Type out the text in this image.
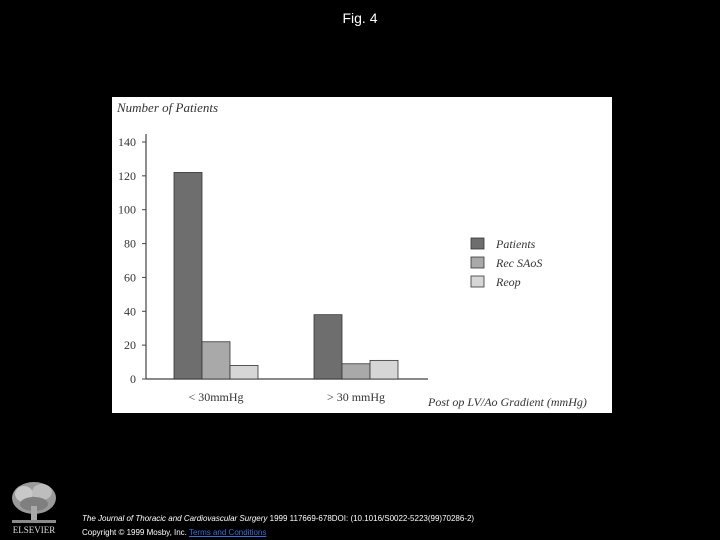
Fig. 4
Number of Patients
Post op LV/Ao Gradient (mmHg)
140
120
100
80
60
40
20
0
< 30mmHg	> 30 mmHg
Patients
Rec SAoS
Reop
ELSEVIER
The Journal of Thoracic and Cardiovascular Surgery 1999 117669-678DOI: (10.1016/S0022-5223(99)70286-2)
Copyright © 1999 Mosby, Inc. Terms and Conditions
